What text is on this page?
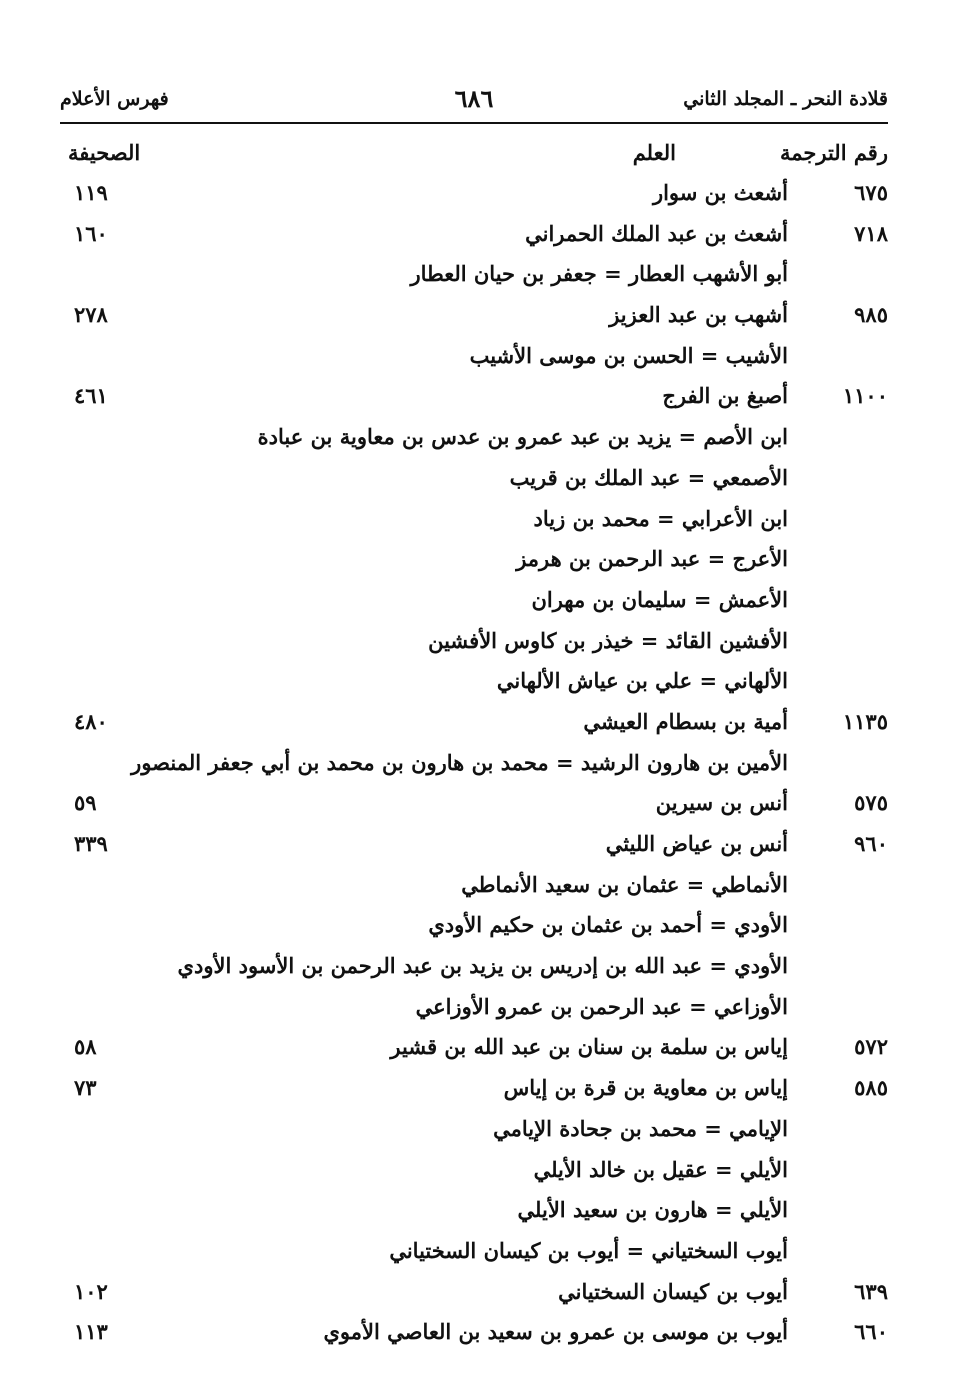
قلادة النحر ـ المجلد الثاني
٦٨٦
فهرس الأعلام
رقم الترجمة
العلم
الصحيفة
٦٧٥
أشعث بن سوار
١١٩
٧١٨
أشعث بن عبد الملك الحمراني
١٦٠
أبو الأشهب العطار = جعفر بن حيان العطار
٩٨٥
أشهب بن عبد العزيز
٢٧٨
الأشيب = الحسن بن موسى الأشيب
١١٠٠
أصبغ بن الفرج
٤٦١
ابن الأصم = يزيد بن عبد عمرو بن عدس بن معاوية بن عبادة
الأصمعي = عبد الملك بن قريب
ابن الأعرابي = محمد بن زياد
الأعرج = عبد الرحمن بن هرمز
الأعمش = سليمان بن مهران
الأفشين القائد = خيذر بن كاوس الأفشين
الألهاني = علي بن عياش الألهاني
١١٣٥
أمية بن بسطام العيشي
٤٨٠
الأمين بن هارون الرشيد = محمد بن هارون بن محمد بن أبي جعفر المنصور
٥٧٥
أنس بن سيرين
٥٩
٩٦٠
أنس بن عياض الليثي
٣٣٩
الأنماطي = عثمان بن سعيد الأنماطي
الأودي = أحمد بن عثمان بن حكيم الأودي
الأودي = عبد الله بن إدريس بن يزيد بن عبد الرحمن بن الأسود الأودي
الأوزاعي = عبد الرحمن بن عمرو الأوزاعي
٥٧٢
إياس بن سلمة بن سنان بن عبد الله بن قشير
٥٨
٥٨٥
إياس بن معاوية بن قرة بن إياس
٧٣
الإيامي = محمد بن جحادة الإيامي
الأيلي = عقيل بن خالد الأيلي
الأيلي = هارون بن سعيد الأيلي
أيوب السختياني = أيوب بن كيسان السختياني
٦٣٩
أيوب بن كيسان السختياني
١٠٢
٦٦٠
أيوب بن موسى بن عمرو بن سعيد بن العاصي الأموي
١١٣
